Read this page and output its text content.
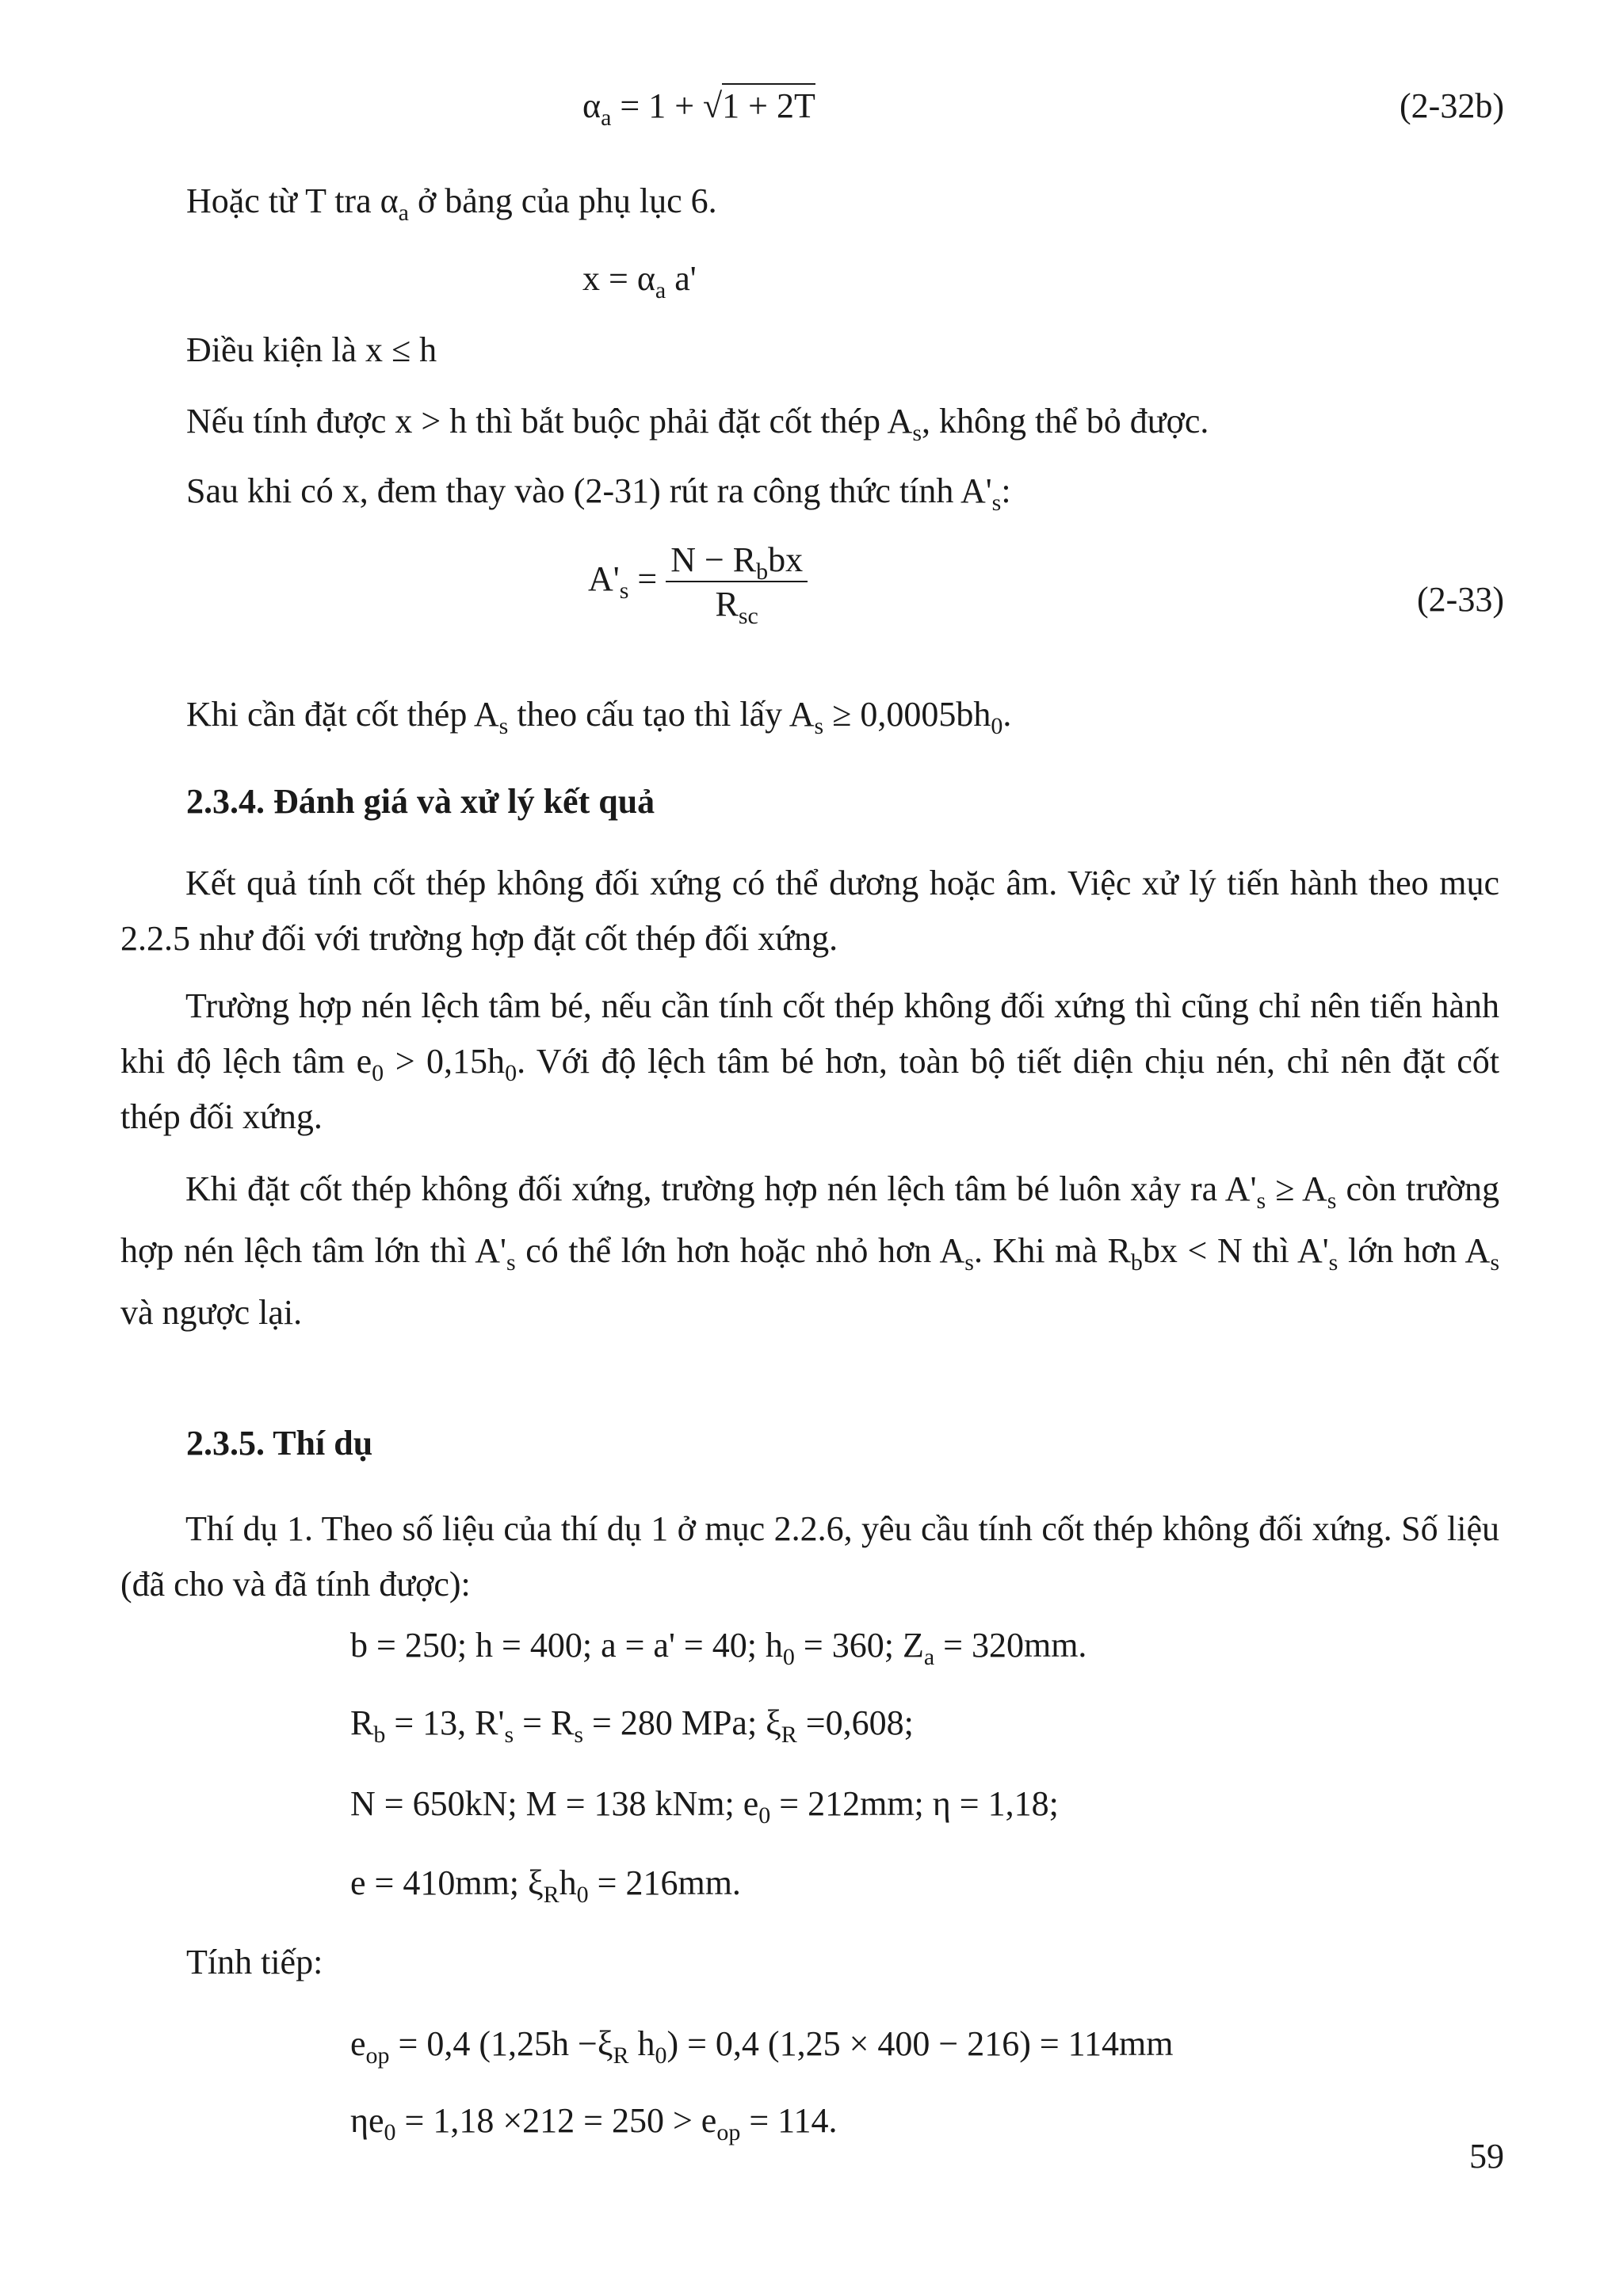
$\alpha_a = 1 + √1 + 2T$	(2-32b)
Hoặc từ T tra $\alpha_a$ ở bảng của phụ lục 6.
$x = \alpha_a$ a'
Điều kiện là x ≤ h
Nếu tính được x > h thì bắt buộc phải đặt cốt thép $A_s$, không thể bỏ được.
Sau khi có x, đem thay vào (2-31) rút ra công thức tính $A'_s$:
$A'_s = \frac{N - R_bbx}{R_{sc}}$	(2-33)
Khi cần đặt cốt thép $A_s$ theo cấu tạo thì lấy $A_s \ge 0,0005bh_0$.
2.3.4. Đánh giá và xử lý kết quả
Kết quả tính cốt thép không đối xứng có thể dương hoặc âm. Việc xử lý tiến hành theo mục 2.2.5 như đối với trường hợp đặt cốt thép đối xứng.
Trường hợp nén lệch tâm bé, nếu cần tính cốt thép không đối xứng thì cũng chỉ nên tiến hành khi độ lệch tâm $e_0 > 0,15h_0$. Với độ lệch tâm bé hơn, toàn bộ tiết diện chịu nén, chỉ nên đặt cốt thép đối xứng.
Khi đặt cốt thép không đối xứng, trường hợp nén lệch tâm bé luôn xảy ra $A'_s \ge A_s$ còn trường hợp nén lệch tâm lớn thì $A'_s$ có thể lớn hơn hoặc nhỏ hơn $A_s$. Khi mà $R_bbx < N$ thì $A'_s$ lớn hơn $A_s$ và ngược lại.
2.3.5. Thí dụ
Thí dụ 1. Theo số liệu của thí dụ 1 ở mục 2.2.6, yêu cầu tính cốt thép không đối xứng. Số liệu (đã cho và đã tính được):
b = 250; h = 400; a = a' = 40; $h_0 = 360$; $Z_a = 320mm$.
$R_b = 13$, $R'_s = R_s = 280$ MPa; $\xi_R =0,608$;
N = 650kN; M = 138 kNm; $e_0 = 212mm$; η = 1,18;
e = 410mm; $\xi_Rh_0 = 216mm$.
Tính tiếp:
$e_{op} = 0,4$ ($1,25h -\xi_R$ $h_0) = 0,4$ (1,25 × 400 − 216) = 114mm
$\eta e_0 = 1,18 \times 212 = 250 > e_{op} = 114$.
59
